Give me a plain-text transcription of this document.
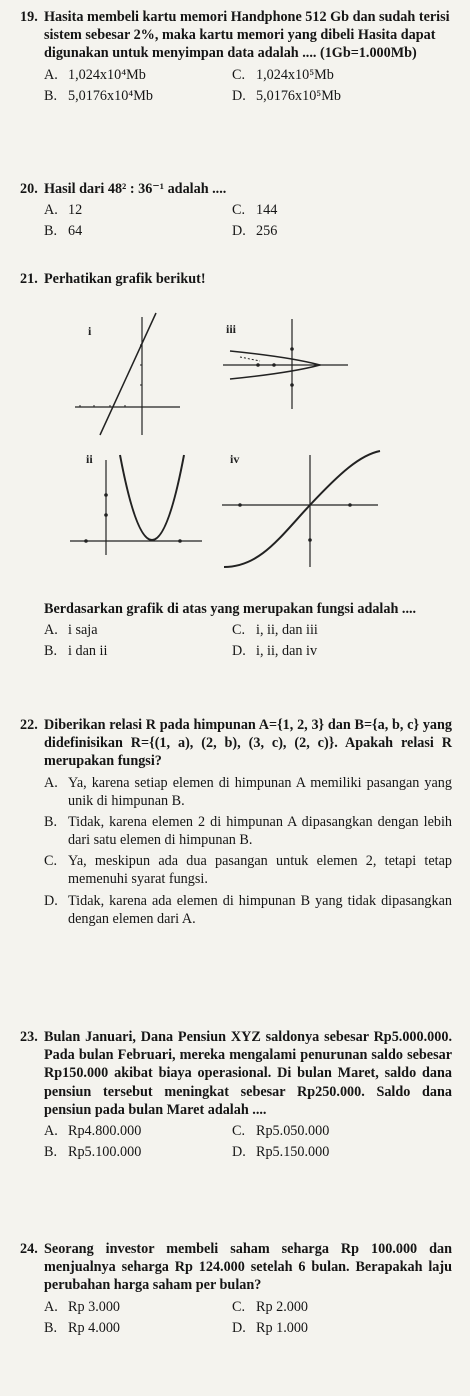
19. Hasita membeli kartu memori Handphone 512 Gb dan sudah terisi sistem sebesar 2%, maka kartu memori yang dibeli Hasita dapat digunakan untuk menyimpan data adalah .... (1Gb=1.000Mb)
A. 1,024x10⁴Mb	C. 1,024x10⁵Mb
B. 5,0176x10⁴Mb	D. 5,0176x10⁵Mb
20. Hasil dari 48² : 36⁻¹ adalah ....
A. 12	C. 144
B. 64	D. 256
21. Perhatikan grafik berikut!
i	iii
ii	iv
Berdasarkan grafik di atas yang merupakan fungsi adalah ....
A. i saja	C. i, ii, dan iii
B. i dan ii	D. i, ii, dan iv
22. Diberikan relasi R pada himpunan A={1, 2, 3} dan B={a, b, c} yang didefinisikan R={(1, a), (2, b), (3, c), (2, c)}. Apakah relasi R merupakan fungsi?
A. Ya, karena setiap elemen di himpunan A memiliki pasangan yang unik di himpunan B.
B. Tidak, karena elemen 2 di himpunan A dipasangkan dengan lebih dari satu elemen di himpunan B.
C. Ya, meskipun ada dua pasangan untuk elemen 2, tetapi tetap memenuhi syarat fungsi.
D. Tidak, karena ada elemen di himpunan B yang tidak dipasangkan dengan elemen dari A.
23. Bulan Januari, Dana Pensiun XYZ saldonya sebesar Rp5.000.000. Pada bulan Februari, mereka mengalami penurunan saldo sebesar Rp150.000 akibat biaya operasional. Di bulan Maret, saldo dana pensiun tersebut meningkat sebesar Rp250.000. Saldo dana pensiun pada bulan Maret adalah ....
A. Rp4.800.000	C. Rp5.050.000
B. Rp5.100.000	D. Rp5.150.000
24. Seorang investor membeli saham seharga Rp 100.000 dan menjualnya seharga Rp 124.000 setelah 6 bulan. Berapakah laju perubahan harga saham per bulan?
A. Rp 3.000	C. Rp 2.000
B. Rp 4.000	D. Rp 1.000
